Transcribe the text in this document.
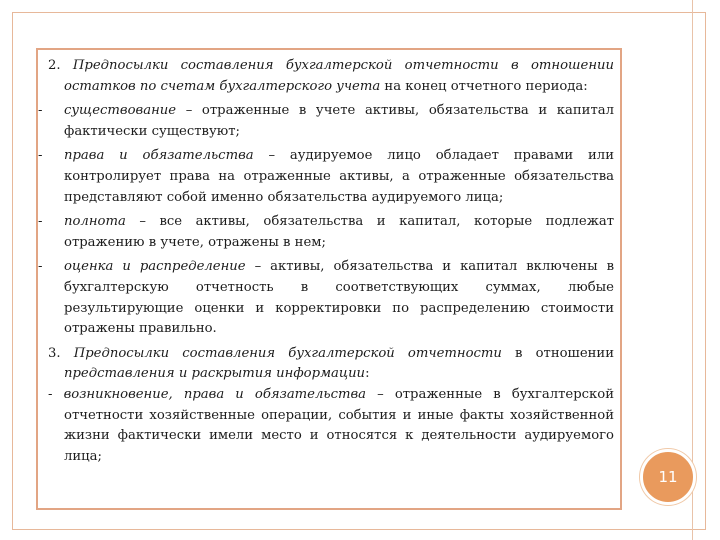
2. Предпосылки составления бухгалтерской отчетности в отношении остатков по счетам бухгалтерского учета на конец отчетного периода:

- существование – отраженные в учете активы, обязательства и капитал фактически существуют;

- права и обязательства – аудируемое лицо обладает правами или контролирует права на отраженные активы, а отраженные обязательства представляют собой именно обязательства аудируемого лица;

- полнота – все активы, обязательства и капитал, которые подлежат отражению в учете, отражены в нем;

- оценка и распределение – активы, обязательства и капитал включены в бухгалтерскую отчетность в соответствующих суммах, любые результирующие оценки и корректировки по распределению стоимости отражены правильно.

3. Предпосылки составления бухгалтерской отчетности в отношении представления и раскрытия информации:

- возникновение, права и обязательства – отраженные в бухгалтерской отчетности хозяйственные операции, события и иные факты хозяйственной жизни фактически имели место и относятся к деятельности аудируемого лица;

11
